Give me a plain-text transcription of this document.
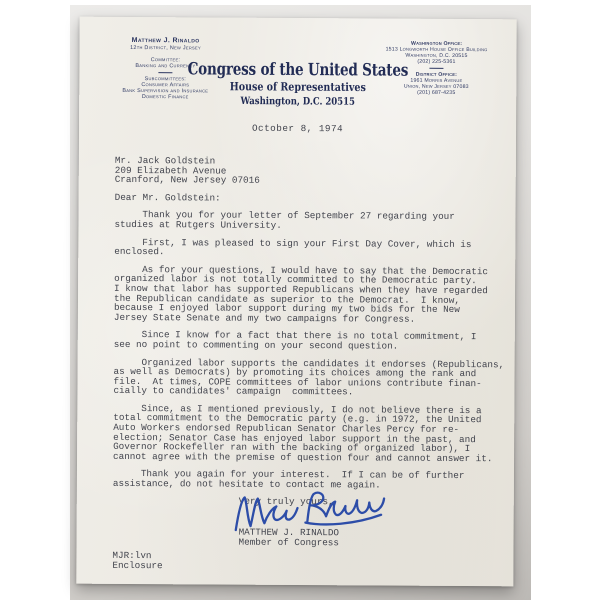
Matthew J. Rinaldo
12th District, New Jersey
Committee:
Banking and Currency
Subcommittees:
Consumer Affairs
Bank Supervision and Insurance
Domestic Finance
Congress of the United States
House of Representatives
Washington, D.C. 20515
Washington Office:
1513 Longworth House Office Building
Washington, D.C. 20515
(202) 225-5361
District Office:
1961 Morris Avenue
Union, New Jersey 07083
(201) 687-4235
October 8, 1974
Mr. Jack Goldstein
209 Elizabeth Avenue
Cranford, New Jersey 07016
Dear Mr. Goldstein:
Thank you for your letter of September 27 regarding your
studies at Rutgers University.
First, I was pleased to sign your First Day Cover, which is
enclosed.
As for your questions, I would have to say that the Democratic
organized labor is not totally committed to the Democratic party.
I know that labor has supported Republicans when they have regarded
the Republican candidate as superior to the Democrat.  I know,
because I enjoyed labor support during my two bids for the New
Jersey State Senate and my two campaigns for Congress.
Since I know for a fact that there is no total commitment, I
see no point to commenting on your second question.
Organized labor supports the candidates it endorses (Republicans,
as well as Democrats) by promoting its choices among the rank and
file.  At times, COPE committees of labor unions contribute finan-
cially to candidates' campaign  committees.
Since, as I mentioned previously, I do not believe there is a
total commitment to the Democratic party (e.g. in 1972, the United
Auto Workers endorsed Republican Senator Charles Percy for re-
election; Senator Case has enjoyed labor support in the past, and
Governor Rockefeller ran with the backing of organized labor), I
cannot agree with the premise of question four and cannot answer it.
Thank you again for your interest.  If I can be of further
assistance, do not hesitate to contact me again.
Very truly yours,
MATTHEW J. RINALDO
Member of Congress
MJR:lvn
Enclosure
